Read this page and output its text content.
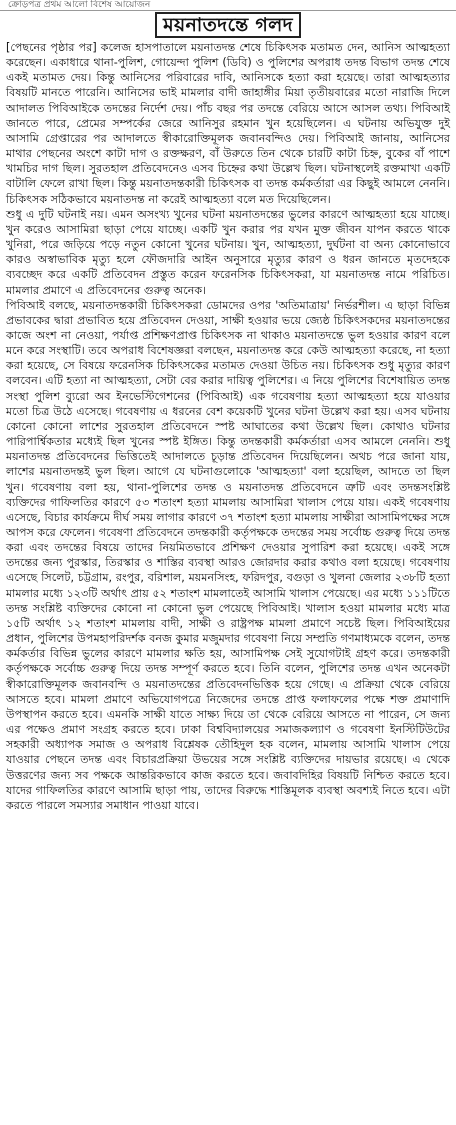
ক্রোড়পত্র প্রথম আলো বিশেষ আয়োজন
ময়নাতদন্তে গলদ

[পেছনের পৃষ্ঠার পর] কলেজ হাসপাতালে ময়নাতদন্ত শেষে চিকিৎসক মতামত দেন, আনিস আত্মহত্যা করেছেন। একাধারে থানা-পুলিশ, গোয়েন্দা পুলিশ (ডিবি) ও পুলিশের অপরাধ তদন্ত বিভাগ তদন্ত শেষে একই মতামত দেয়। কিন্তু আনিসের পরিবারের দাবি, আনিসকে হত্যা করা হয়েছে। তারা আত্মহত্যার বিষয়টি মানতে পারেনি। আনিসের ভাই মামলার বাদী জাহাঙ্গীর মিয়া তৃতীয়বারের মতো নারাজি দিলে আদালত পিবিআইকে তদন্তের নির্দেশ দেয়। পাঁচ বছর পর তদন্তে বেরিয়ে আসে আসল তথ্য। পিবিআই জানতে পারে, প্রেমের সম্পর্কের জেরে আনিসুর রহমান খুন হয়েছিলেন। এ ঘটনায় অভিযুক্ত দুই আসামি গ্রেপ্তারের পর আদালতে স্বীকারোক্তিমূলক জবানবন্দিও দেয়। পিবিআই জানায়, আনিসের মাথার পেছনের অংশে কাটা দাগ ও রক্তক্ষরণ, বাঁ উরুতে তিন থেকে চারটি কাটা চিহ্ন, বুকের বাঁ পাশে খামচির দাগ ছিল। সুরতহাল প্রতিবেদনেও এসব চিহ্নের কথা উল্লেখ ছিল। ঘটনাস্থলেই রক্তমাখা একটি বাটালি ফেলে রাখা ছিল। কিন্তু ময়নাতদন্তকারী চিকিৎসক বা তদন্ত কর্মকর্তারা এর কিছুই আমলে নেননি। চিকিৎসক সঠিকভাবে ময়নাতদন্ত না করেই আত্মহত্যা বলে মত দিয়েছিলেন।

শুধু এ দুটি ঘটনাই নয়। এমন অসংখ্য খুনের ঘটনা ময়নাতদন্তের ভুলের কারণে আত্মহত্যা হয়ে যাচ্ছে। খুন করেও আসামিরা ছাড়া পেয়ে যাচ্ছে। একটি খুন করার পর যখন মুক্ত জীবন যাপন করতে থাকে খুনিরা, পরে জড়িয়ে পড়ে নতুন কোনো খুনের ঘটনায়। খুন, আত্মহত্যা, দুর্ঘটনা বা অন্য কোনোভাবে কারও অস্বাভাবিক মৃত্যু হলে ফৌজদারি আইন অনুসারে মৃত্যুর কারণ ও ধরন জানতে মৃতদেহকে ব্যবচ্ছেদ করে একটি প্রতিবেদন প্রস্তুত করেন ফরেনসিক চিকিৎসকরা, যা ময়নাতদন্ত নামে পরিচিত। মামলার প্রমাণে এ প্রতিবেদনের গুরুত্ব অনেক।

পিবিআই বলছে, ময়নাতদন্তকারী চিকিৎসকরা ডোমদের ওপর 'অতিমাত্রায়' নির্ভরশীল। এ ছাড়া বিভিন্ন প্রভাবকের দ্বারা প্রভাবিত হয়ে প্রতিবেদন দেওয়া, সাক্ষী হওয়ার ভয়ে জ্যেষ্ঠ চিকিৎসকদের ময়নাতদন্তের কাজে অংশ না নেওয়া, পর্যাপ্ত প্রশিক্ষণপ্রাপ্ত চিকিৎসক না থাকাও ময়নাতদন্তে ভুল হওয়ার কারণ বলে মনে করে সংস্থাটি। তবে অপরাধ বিশেষজ্ঞরা বলছেন, ময়নাতদন্ত করে কেউ আত্মহত্যা করেছে, না হত্যা করা হয়েছে, সে বিষয়ে ফরেনসিক চিকিৎসকের মতামত দেওয়া উচিত নয়। চিকিৎসক শুধু মৃত্যুর কারণ বলবেন। এটি হত্যা না আত্মহত্যা, সেটা বের করার দায়িত্ব পুলিশের। এ নিয়ে পুলিশের বিশেষায়িত তদন্ত সংস্থা পুলিশ ব্যুরো অব ইনভেস্টিগেশনের (পিবিআই) এক গবেষণায় হত্যা আত্মহত্যা হয়ে যাওয়ার মতো চিত্র উঠে এসেছে। গবেষণায় এ ধরনের বেশ কয়েকটি খুনের ঘটনা উল্লেখ করা হয়। এসব ঘটনায় কোনো কোনো লাশের সুরতহাল প্রতিবেদনে স্পষ্ট আঘাতের কথা উল্লেখ ছিল। কোথাও ঘটনার পারিপার্শ্বিকতার মধ্যেই ছিল খুনের স্পষ্ট ইঙ্গিত। কিন্তু তদন্তকারী কর্মকর্তারা এসব আমলে নেননি। শুধু ময়নাতদন্ত প্রতিবেদনের ভিত্তিতেই আদালতে চূড়ান্ত প্রতিবেদন দিয়েছিলেন। অথচ পরে জানা যায়, লাশের ময়নাতদন্তই ভুল ছিল। আগে যে ঘটনাগুলোকে 'আত্মহত্যা' বলা হয়েছিল, আদতে তা ছিল খুন। গবেষণায় বলা হয়, থানা-পুলিশের তদন্ত ও ময়নাতদন্ত প্রতিবেদনে ত্রুটি এবং তদন্তসংশ্লিষ্ট ব্যক্তিদের গাফিলতির কারণে ৫৩ শতাংশ হত্যা মামলায় আসামিরা খালাস পেয়ে যায়। একই গবেষণায় এসেছে, বিচার কার্যক্রমে দীর্ঘ সময় লাগার কারণে ৩৭ শতাংশ হত্যা মামলায় সাক্ষীরা আসামিপক্ষের সঙ্গে আপস করে ফেলেন। গবেষণা প্রতিবেদনে তদন্তকারী কর্তৃপক্ষকে তদন্তের সময় সর্বোচ্চ গুরুত্ব দিয়ে তদন্ত করা এবং তদন্তের বিষয়ে তাদের নিয়মিতভাবে প্রশিক্ষণ দেওয়ার সুপারিশ করা হয়েছে। একই সঙ্গে তদন্তের জন্য পুরস্কার, তিরস্কার ও শাস্তির ব্যবস্থা আরও জোরদার করার কথাও বলা হয়েছে। গবেষণায় এসেছে সিলেট, চট্টগ্রাম, রংপুর, বরিশাল, ময়মনসিংহ, ফরিদপুর, বগুড়া ও খুলনা জেলার ২৩৮টি হত্যা মামলার মধ্যে ১২৩টি অর্থাৎ প্রায় ৫২ শতাংশ মামলাতেই আসামি খালাস পেয়েছে। এর মধ্যে ১১১টিতে তদন্ত সংশ্লিষ্ট ব্যক্তিদের কোনো না কোনো ভুল পেয়েছে পিবিআই। খালাস হওয়া মামলার মধ্যে মাত্র ১৫টি অর্থাৎ ১২ শতাংশ মামলায় বাদী, সাক্ষী ও রাষ্ট্রপক্ষ মামলা প্রমাণে সচেষ্ট ছিল। পিবিআইয়ের প্রধান, পুলিশের উপমহাপরিদর্শক বনজ কুমার মজুমদার গবেষণা নিয়ে সম্প্রতি গণমাধ্যমকে বলেন, তদন্ত কর্মকর্তার বিভিন্ন ভুলের কারণে মামলার ক্ষতি হয়, আসামিপক্ষ সেই সুযোগটাই গ্রহণ করে। তদন্তকারী কর্তৃপক্ষকে সর্বোচ্চ গুরুত্ব দিয়ে তদন্ত সম্পূর্ণ করতে হবে। তিনি বলেন, পুলিশের তদন্ত এখন অনেকটা স্বীকারোক্তিমূলক জবানবন্দি ও ময়নাতদন্তের প্রতিবেদনভিত্তিক হয়ে গেছে। এ প্রক্রিয়া থেকে বেরিয়ে আসতে হবে। মামলা প্রমাণে অভিযোগপত্রে নিজেদের তদন্তে প্রাপ্ত ফলাফলের পক্ষে শক্ত প্রমাণাদি উপস্থাপন করতে হবে। এমনকি সাক্ষী যাতে সাক্ষ্য দিয়ে তা থেকে বেরিয়ে আসতে না পারেন, সে জন্য এর পক্ষেও প্রমাণ সংগ্রহ করতে হবে। ঢাকা বিশ্ববিদ্যালয়ের সমাজকল্যাণ ও গবেষণা ইনস্টিটিউটের সহকারী অধ্যাপক সমাজ ও অপরাধ বিশ্লেষক তৌহিদুল হক বলেন, মামলায় আসামি খালাস পেয়ে যাওয়ার পেছনে তদন্ত এবং বিচারপ্রক্রিয়া উভয়ের সঙ্গে সংশ্লিষ্ট ব্যক্তিদের দায়ভার রয়েছে। এ থেকে উত্তরণের জন্য সব পক্ষকে আন্তরিকভাবে কাজ করতে হবে। জবাবদিহির বিষয়টি নিশ্চিত করতে হবে। যাদের গাফিলতির কারণে আসামি ছাড়া পায়, তাদের বিরুদ্ধে শাস্তিমূলক ব্যবস্থা অবশ্যই নিতে হবে। এটা করতে পারলে সমস্যার সমাধান পাওয়া যাবে।
